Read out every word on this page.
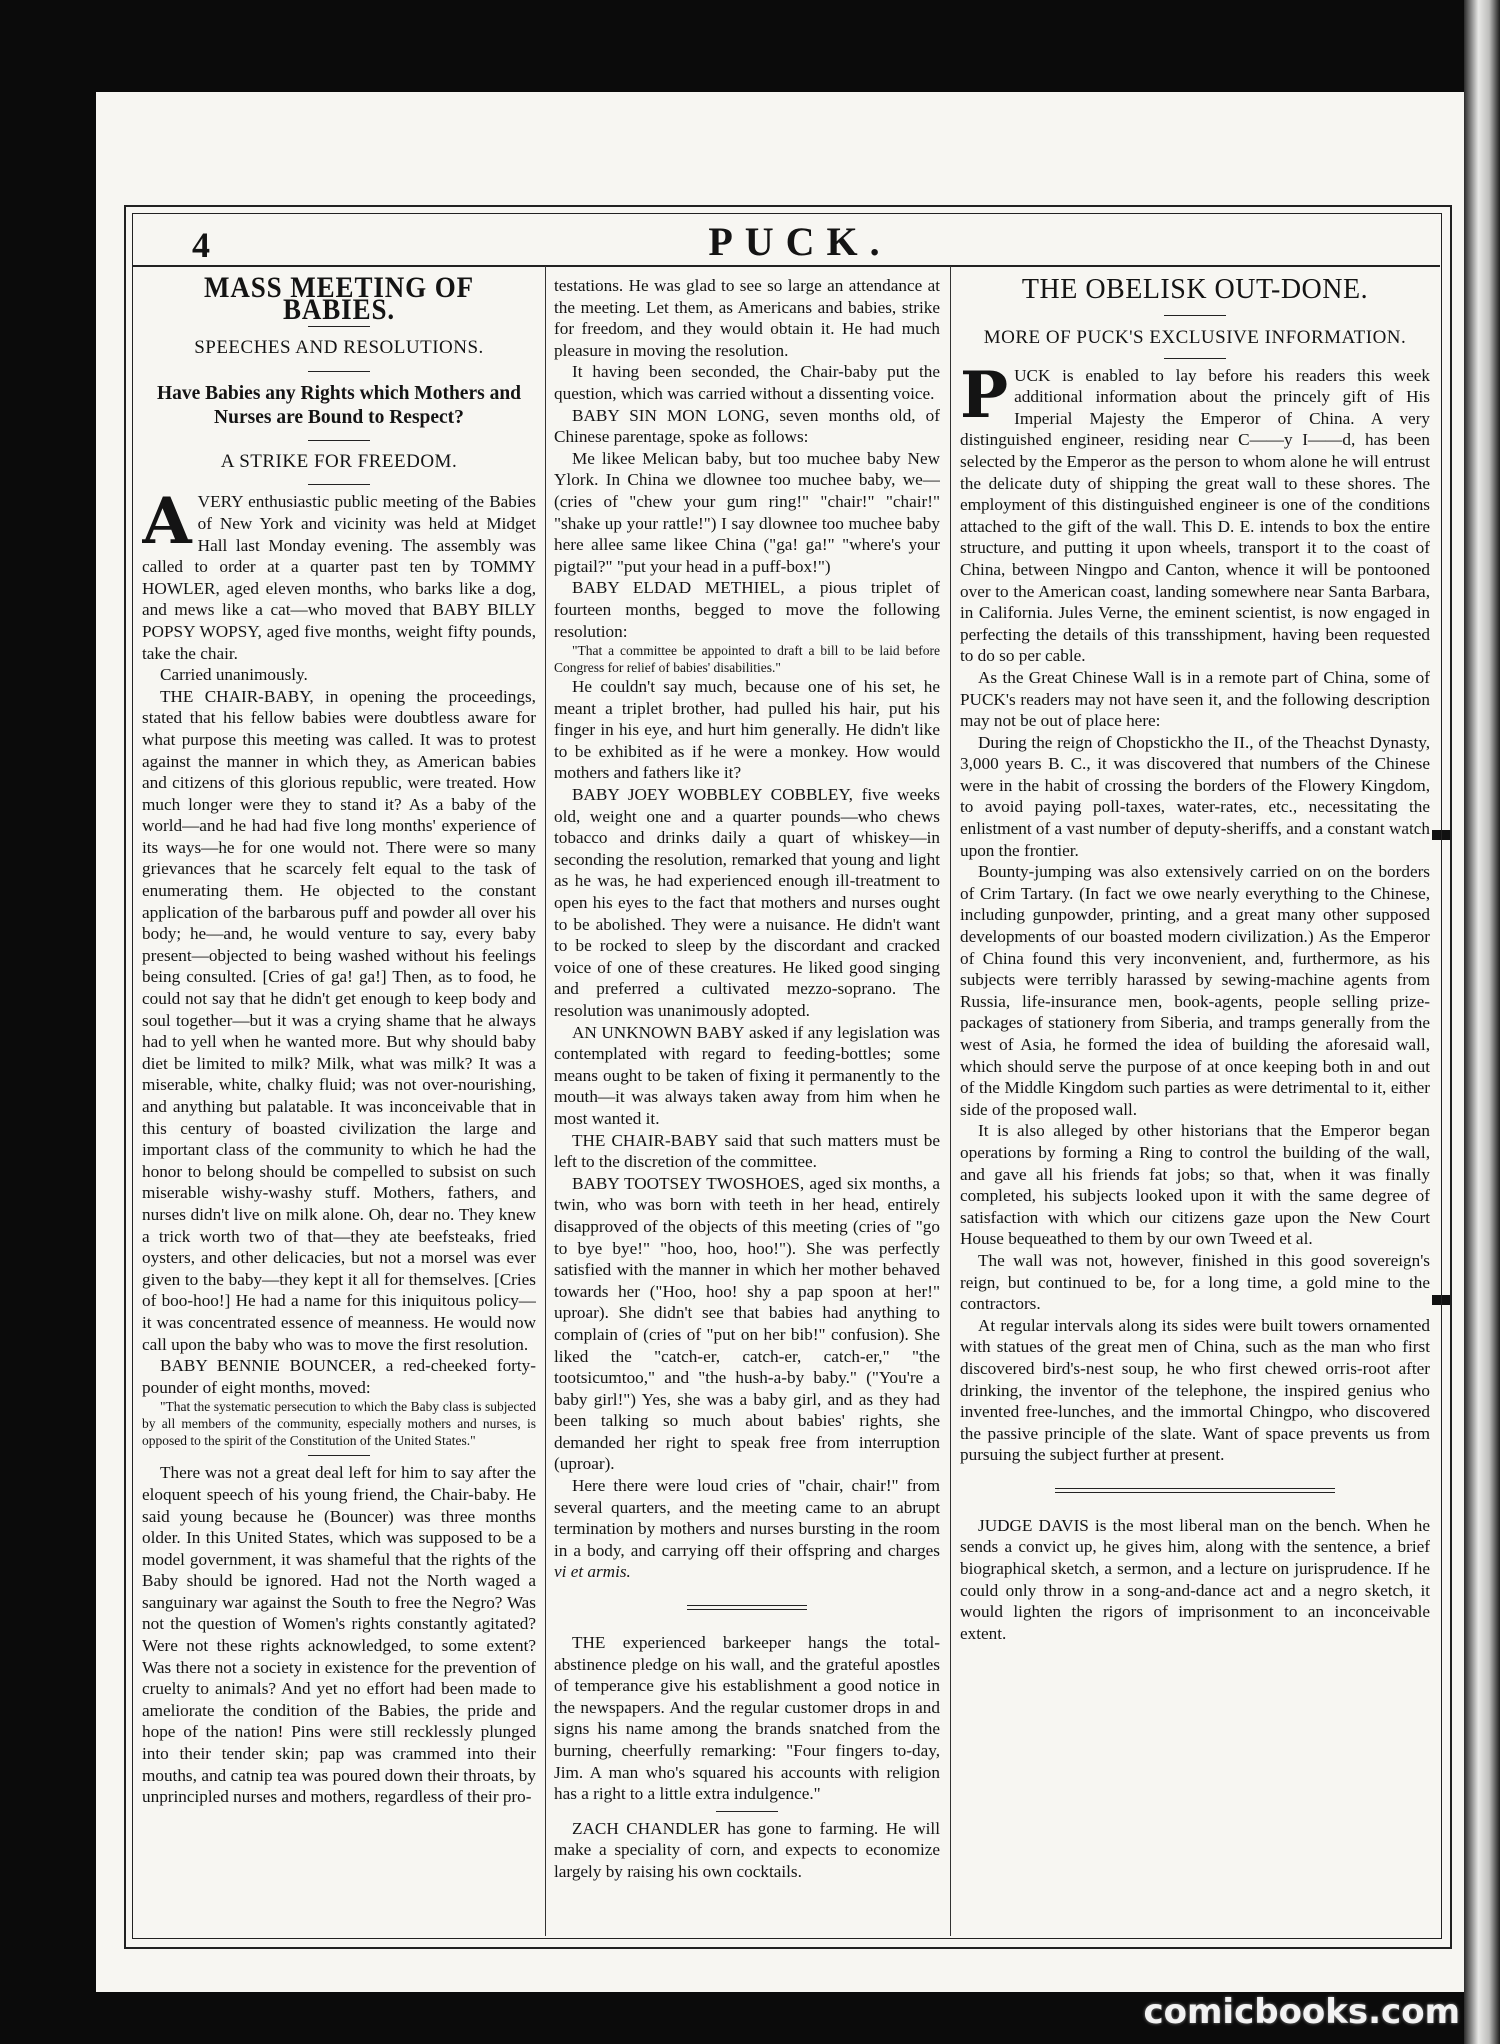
4	PUCK.
MASS MEETING OF BABIES.
SPEECHES AND RESOLUTIONS.
Have Babies any Rights which Mothers and Nurses are Bound to Respect?
A STRIKE FOR FREEDOM.

AVERY enthusiastic public meeting of the Babies of New York and vicinity was held at Midget Hall last Monday evening. The assembly was called to order at a quarter past ten by TOMMY HOWLER, aged eleven months, who barks like a dog, and mews like a cat—who moved that BABY BILLY POPSY WOPSY, aged five months, weight fifty pounds, take the chair.

Carried unanimously.

THE CHAIR-BABY, in opening the proceedings, stated that his fellow babies were doubtless aware for what purpose this meeting was called. It was to protest against the manner in which they, as American babies and citizens of this glorious republic, were treated. How much longer were they to stand it? As a baby of the world—and he had had five long months' experience of its ways—he for one would not. There were so many grievances that he scarcely felt equal to the task of enumerating them. He objected to the constant application of the barbarous puff and powder all over his body; he—and, he would venture to say, every baby present—objected to being washed without his feelings being consulted. [Cries of ga! ga!] Then, as to food, he could not say that he didn't get enough to keep body and soul together—but it was a crying shame that he always had to yell when he wanted more. But why should baby diet be limited to milk? Milk, what was milk? It was a miserable, white, chalky fluid; was not over-nourishing, and anything but palatable. It was inconceivable that in this century of boasted civilization the large and important class of the community to which he had the honor to belong should be compelled to subsist on such miserable wishy-washy stuff. Mothers, fathers, and nurses didn't live on milk alone. Oh, dear no. They knew a trick worth two of that—they ate beefsteaks, fried oysters, and other delicacies, but not a morsel was ever given to the baby—they kept it all for themselves. [Cries of boo-hoo!] He had a name for this iniquitous policy—it was concentrated essence of meanness. He would now call upon the baby who was to move the first resolution.

BABY BENNIE BOUNCER, a red-cheeked forty-pounder of eight months, moved:

"That the systematic persecution to which the Baby class is subjected by all members of the community, especially mothers and nurses, is opposed to the spirit of the Constitution of the United States."

There was not a great deal left for him to say after the eloquent speech of his young friend, the Chair-baby. He said young because he (Bouncer) was three months older. In this United States, which was supposed to be a model government, it was shameful that the rights of the Baby should be ignored. Had not the North waged a sanguinary war against the South to free the Negro? Was not the question of Women's rights constantly agitated? Were not these rights acknowledged, to some extent? Was there not a society in existence for the prevention of cruelty to animals? And yet no effort had been made to ameliorate the condition of the Babies, the pride and hope of the nation! Pins were still recklessly plunged into their tender skin; pap was crammed into their mouths, and catnip tea was poured down their throats, by unprincipled nurses and mothers, regardless of their pro-

testations. He was glad to see so large an attendance at the meeting. Let them, as Americans and babies, strike for freedom, and they would obtain it. He had much pleasure in moving the resolution.

It having been seconded, the Chair-baby put the question, which was carried without a dissenting voice.

BABY SIN MON LONG, seven months old, of Chinese parentage, spoke as follows:

Me likee Melican baby, but too muchee baby New Ylork. In China we dlownee too muchee baby, we—(cries of "chew your gum ring!" "chair!" "chair!" "shake up your rattle!") I say dlownee too muchee baby here allee same likee China ("ga! ga!" "where's your pigtail?" "put your head in a puff-box!")

BABY ELDAD METHIEL, a pious triplet of fourteen months, begged to move the following resolution:

"That a committee be appointed to draft a bill to be laid before Congress for relief of babies' disabilities."

He couldn't say much, because one of his set, he meant a triplet brother, had pulled his hair, put his finger in his eye, and hurt him generally. He didn't like to be exhibited as if he were a monkey. How would mothers and fathers like it?

BABY JOEY WOBBLEY COBBLEY, five weeks old, weight one and a quarter pounds—who chews tobacco and drinks daily a quart of whiskey—in seconding the resolution, remarked that young and light as he was, he had experienced enough ill-treatment to open his eyes to the fact that mothers and nurses ought to be abolished. They were a nuisance. He didn't want to be rocked to sleep by the discordant and cracked voice of one of these creatures. He liked good singing and preferred a cultivated mezzo-soprano. The resolution was unanimously adopted.

AN UNKNOWN BABY asked if any legislation was contemplated with regard to feeding-bottles; some means ought to be taken of fixing it permanently to the mouth—it was always taken away from him when he most wanted it.

THE CHAIR-BABY said that such matters must be left to the discretion of the committee.

BABY TOOTSEY TWOSHOES, aged six months, a twin, who was born with teeth in her head, entirely disapproved of the objects of this meeting (cries of "go to bye bye!" "hoo, hoo, hoo!"). She was perfectly satisfied with the manner in which her mother behaved towards her ("Hoo, hoo! shy a pap spoon at her!" uproar). She didn't see that babies had anything to complain of (cries of "put on her bib!" confusion). She liked the "catch-er, catch-er, catch-er," "the tootsicumtoo," and "the hush-a-by baby." ("You're a baby girl!") Yes, she was a baby girl, and as they had been talking so much about babies' rights, she demanded her right to speak free from interruption (uproar).

Here there were loud cries of "chair, chair!" from several quarters, and the meeting came to an abrupt termination by mothers and nurses bursting in the room in a body, and carrying off their offspring and charges vi et armis.

THE experienced barkeeper hangs the total-abstinence pledge on his wall, and the grateful apostles of temperance give his establishment a good notice in the newspapers. And the regular customer drops in and signs his name among the brands snatched from the burning, cheerfully remarking: "Four fingers to-day, Jim. A man who's squared his accounts with religion has a right to a little extra indulgence."

ZACH CHANDLER has gone to farming. He will make a speciality of corn, and expects to economize largely by raising his own cocktails.

THE OBELISK OUT-DONE.
MORE OF PUCK'S EXCLUSIVE INFORMATION.

PUCK is enabled to lay before his readers this week additional information about the princely gift of His Imperial Majesty the Emperor of China. A very distinguished engineer, residing near C——y I——d, has been selected by the Emperor as the person to whom alone he will entrust the delicate duty of shipping the great wall to these shores. The employment of this distinguished engineer is one of the conditions attached to the gift of the wall. This D. E. intends to box the entire structure, and putting it upon wheels, transport it to the coast of China, between Ningpo and Canton, whence it will be pontooned over to the American coast, landing somewhere near Santa Barbara, in California. Jules Verne, the eminent scientist, is now engaged in perfecting the details of this transshipment, having been requested to do so per cable.

As the Great Chinese Wall is in a remote part of China, some of PUCK's readers may not have seen it, and the following description may not be out of place here:

During the reign of Chopstickho the II., of the Theachst Dynasty, 3,000 years B. C., it was discovered that numbers of the Chinese were in the habit of crossing the borders of the Flowery Kingdom, to avoid paying poll-taxes, water-rates, etc., necessitating the enlistment of a vast number of deputy-sheriffs, and a constant watch upon the frontier.

Bounty-jumping was also extensively carried on on the borders of Crim Tartary. (In fact we owe nearly everything to the Chinese, including gunpowder, printing, and a great many other supposed developments of our boasted modern civilization.) As the Emperor of China found this very inconvenient, and, furthermore, as his subjects were terribly harassed by sewing-machine agents from Russia, life-insurance men, book-agents, people selling prize-packages of stationery from Siberia, and tramps generally from the west of Asia, he formed the idea of building the aforesaid wall, which should serve the purpose of at once keeping both in and out of the Middle Kingdom such parties as were detrimental to it, either side of the proposed wall.

It is also alleged by other historians that the Emperor began operations by forming a Ring to control the building of the wall, and gave all his friends fat jobs; so that, when it was finally completed, his subjects looked upon it with the same degree of satisfaction with which our citizens gaze upon the New Court House bequeathed to them by our own Tweed et al.

The wall was not, however, finished in this good sovereign's reign, but continued to be, for a long time, a gold mine to the contractors.

At regular intervals along its sides were built towers ornamented with statues of the great men of China, such as the man who first discovered bird's-nest soup, he who first chewed orris-root after drinking, the inventor of the telephone, the inspired genius who invented free-lunches, and the immortal Chingpo, who discovered the passive principle of the slate. Want of space prevents us from pursuing the subject further at present.

JUDGE DAVIS is the most liberal man on the bench. When he sends a convict up, he gives him, along with the sentence, a brief biographical sketch, a sermon, and a lecture on jurisprudence. If he could only throw in a song-and-dance act and a negro sketch, it would lighten the rigors of imprisonment to an inconceivable extent.

comicbooks.com
